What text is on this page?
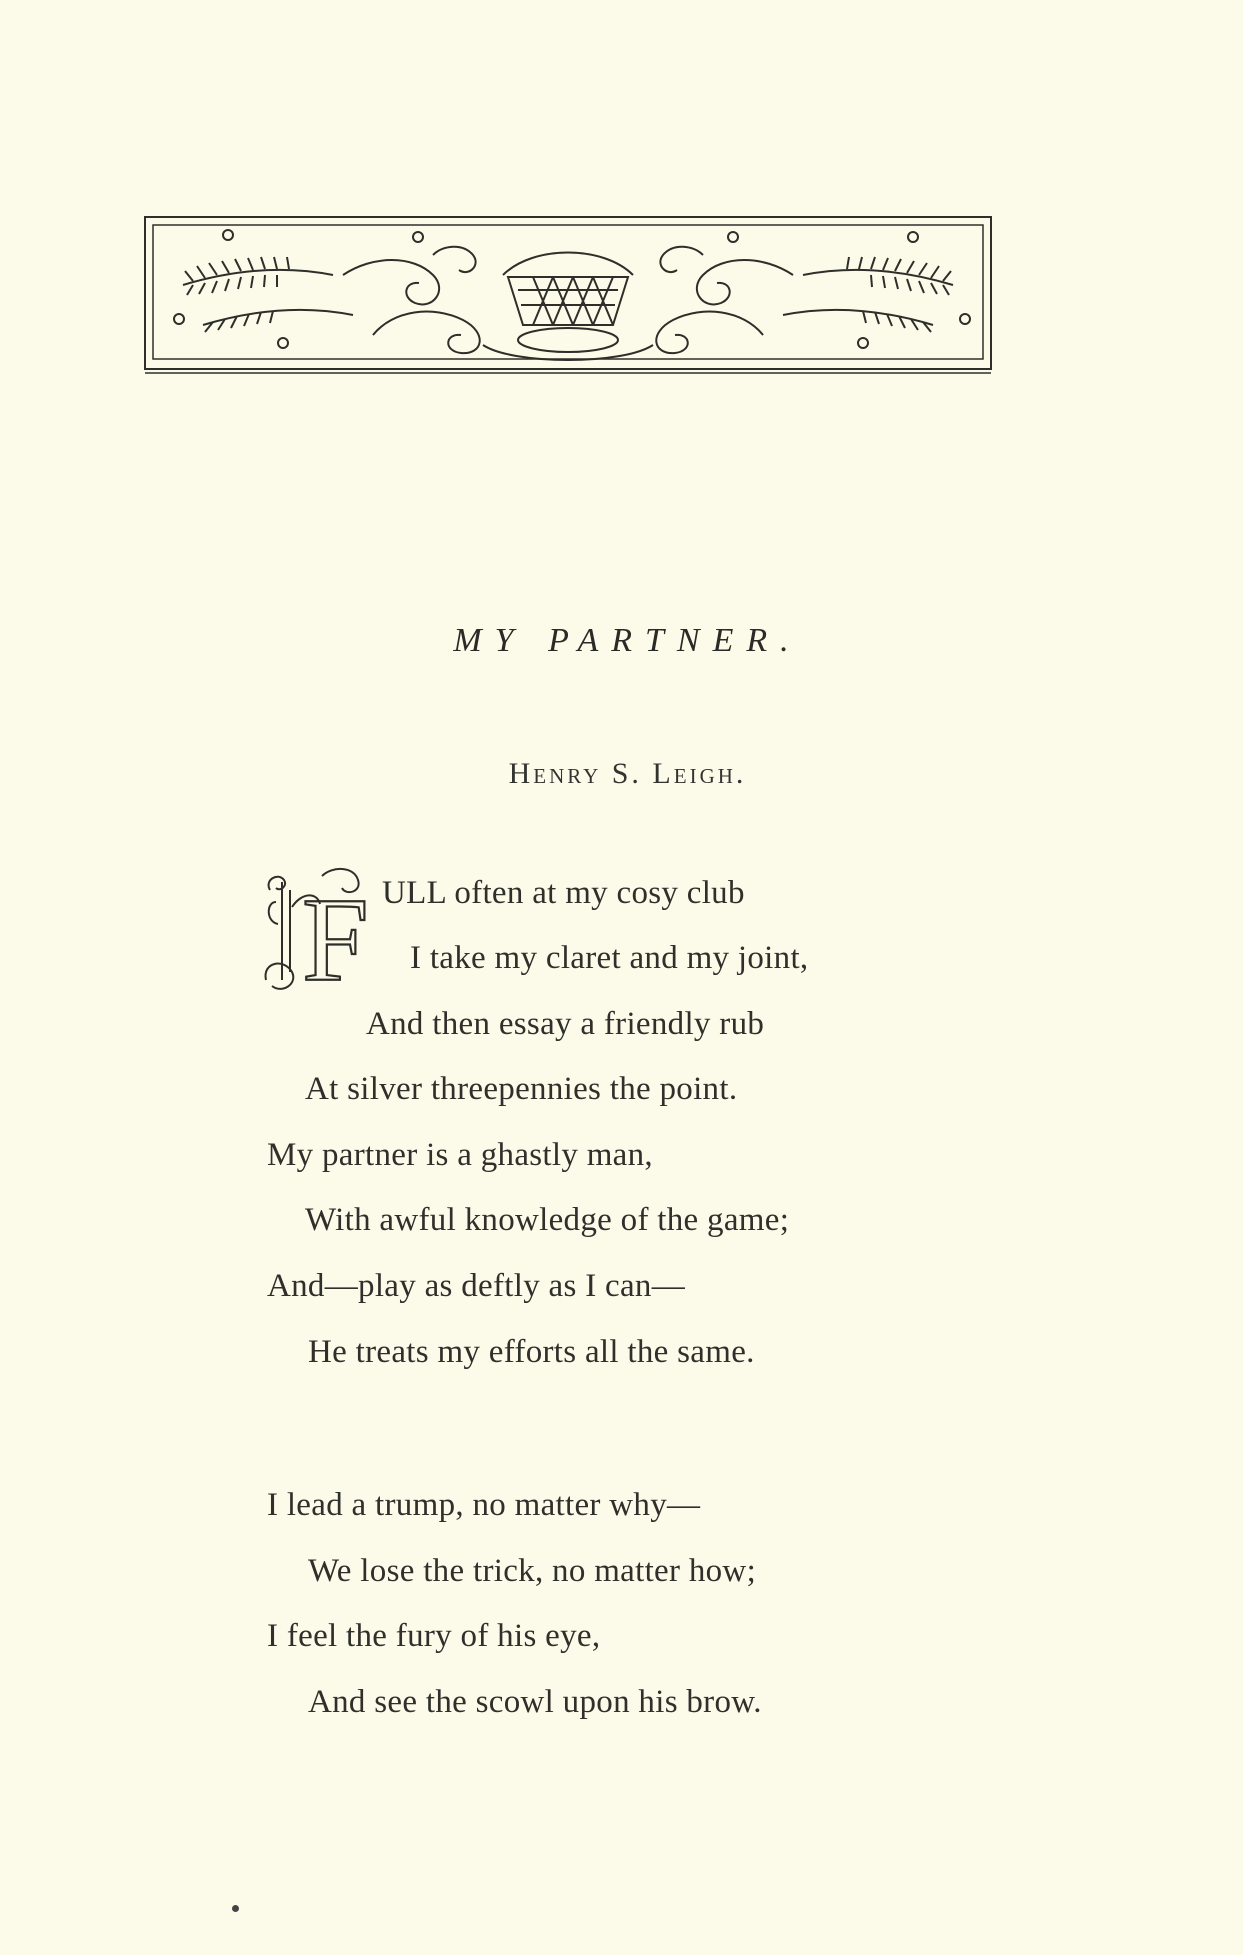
MY PARTNER.
Henry S. Leigh.
F ULL often at my cosy club
I take my claret and my joint,
And then essay a friendly rub
At silver threepennies the point.
My partner is a ghastly man,
With awful knowledge of the game;
And—play as deftly as I can—
He treats my efforts all the same.
I lead a trump, no matter why—
We lose the trick, no matter how;
I feel the fury of his eye,
And see the scowl upon his brow.
